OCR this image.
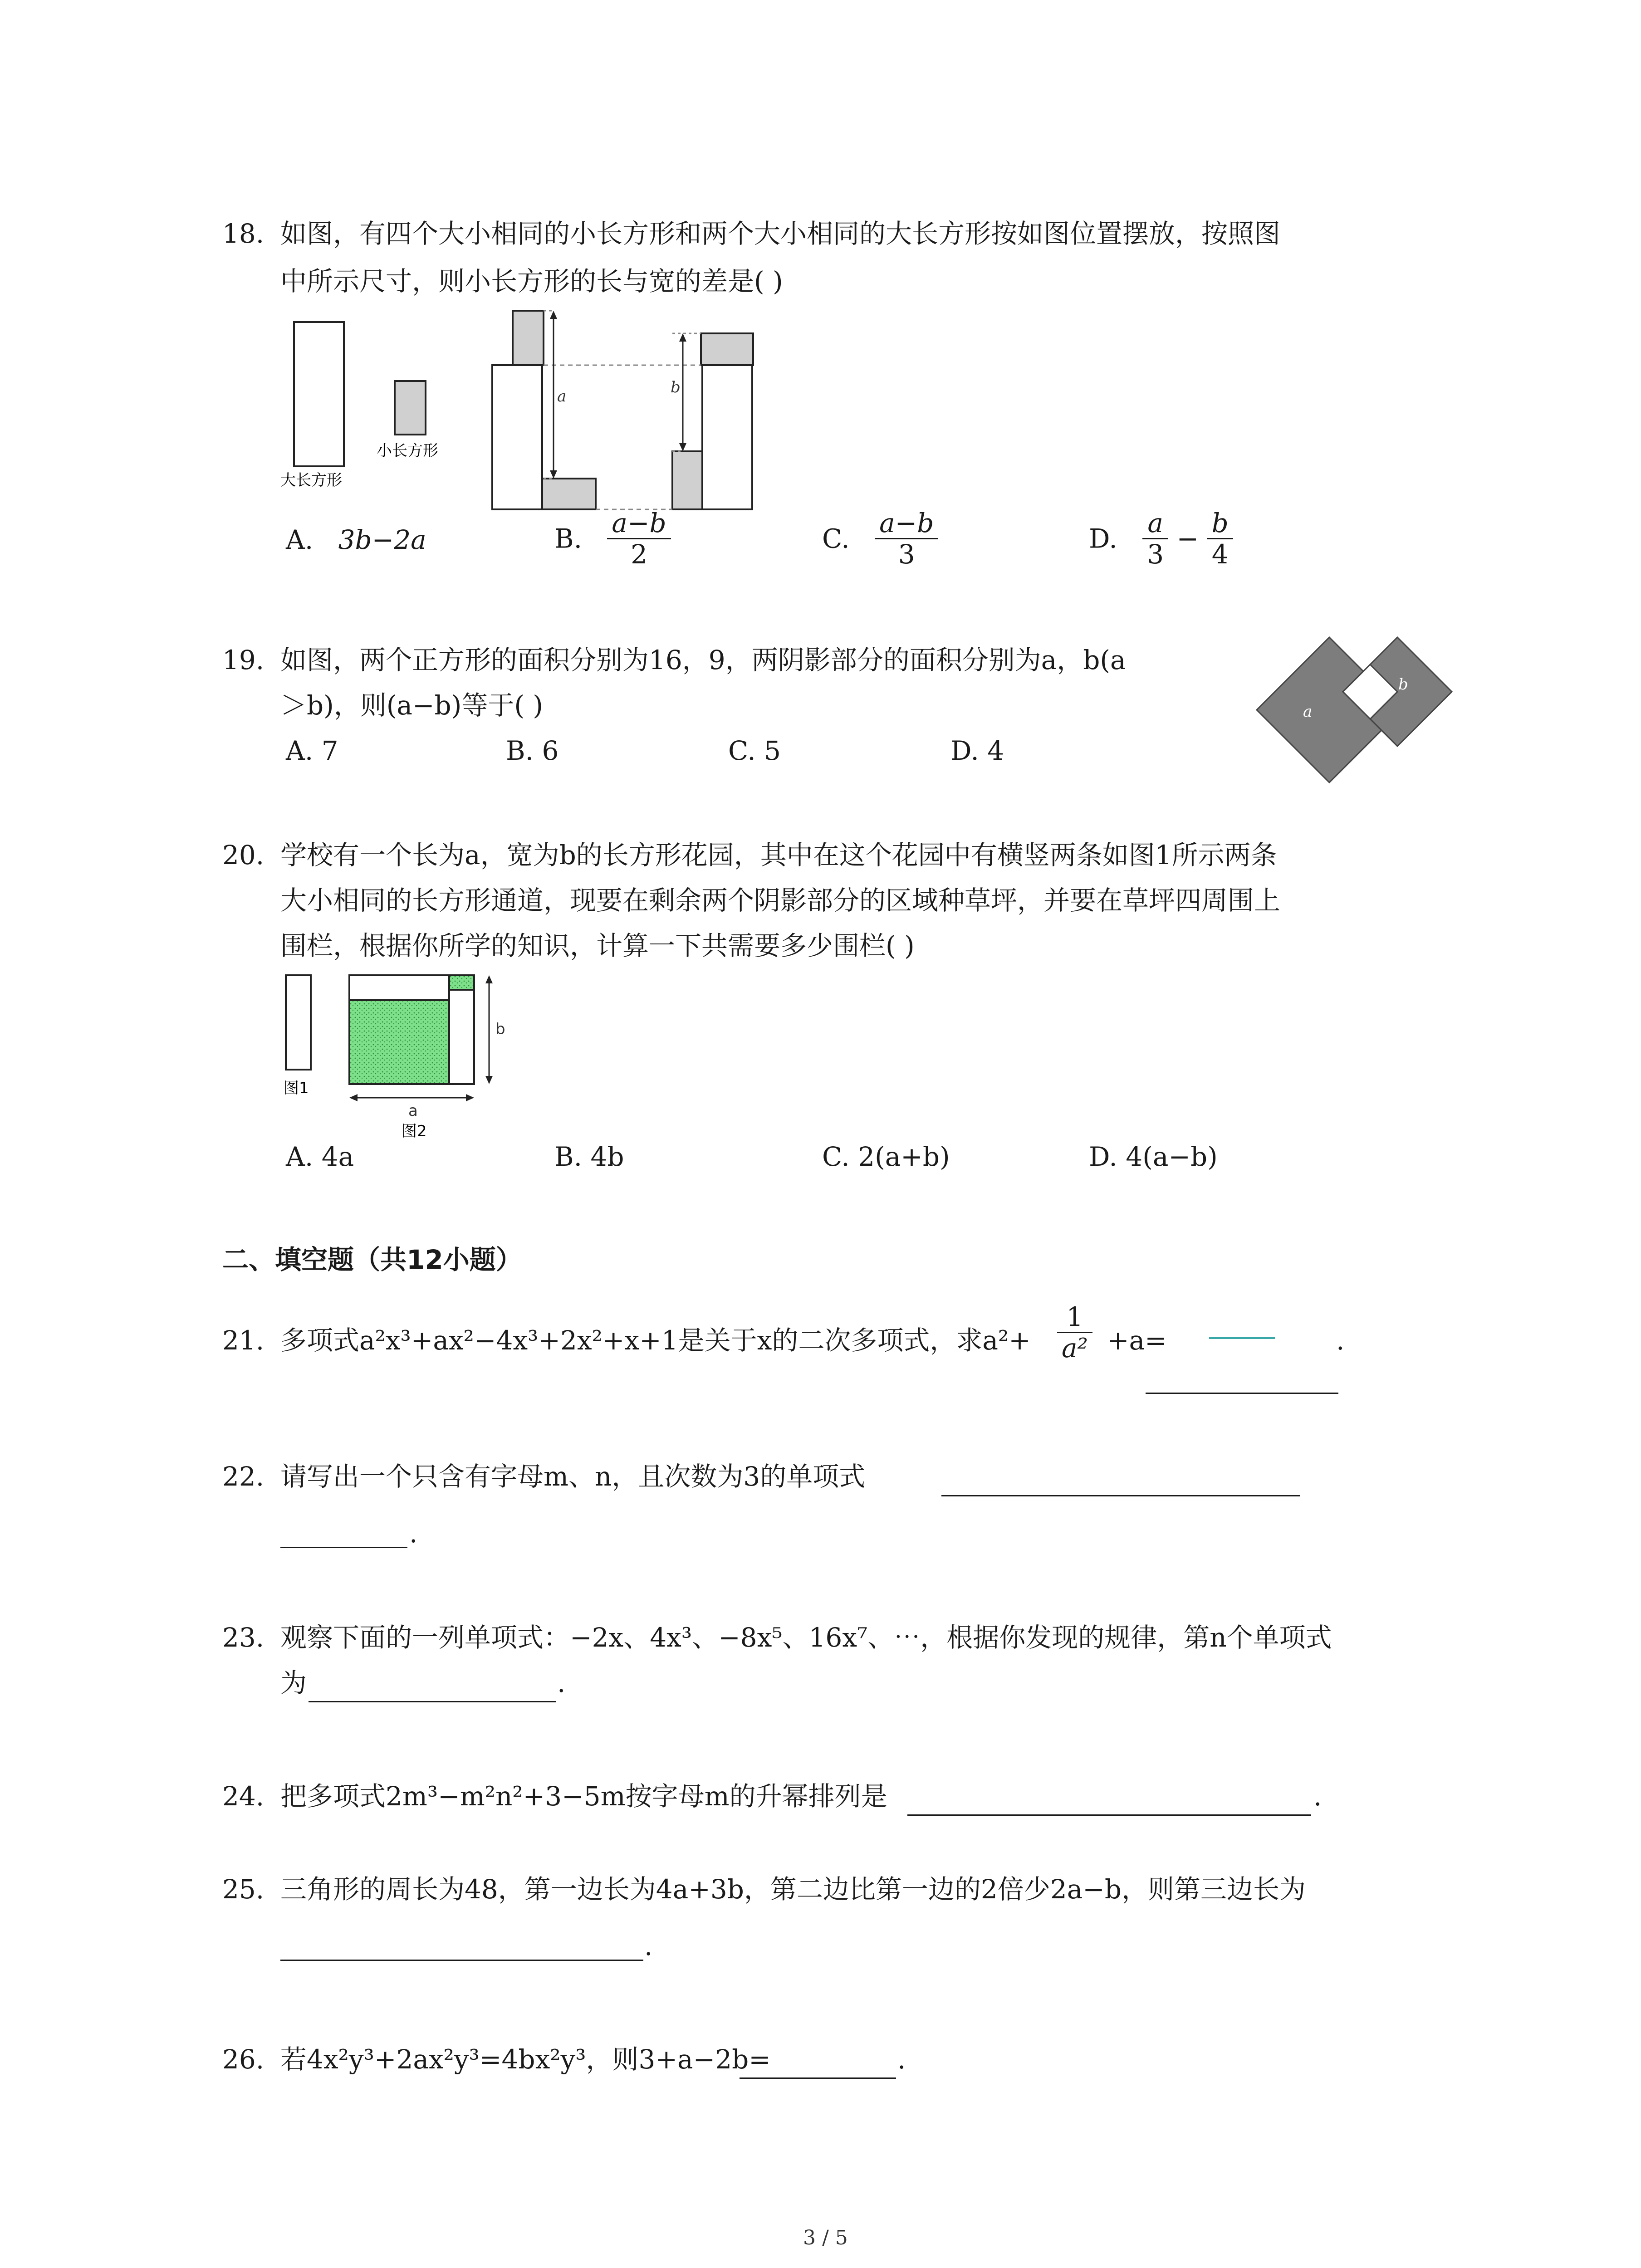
18. 如图，有四个大小相同的小长方形和两个大小相同的大长方形按如图位置摆放，按照图
中所示尺寸，则小长方形的长与宽的差是( )
大长方形
小长方形
a	b
A. 3b−2a	B. $\frac{a-b}{2}$	C. $\frac{a-b}{3}$	D. $\frac{a}{3} - \frac{b}{4}$
19. 如图，两个正方形的面积分别为16，9，两阴影部分的面积分别为a，b(a
＞b)，则(a−b)等于( )
A. 7	B. 6	C. 5	D. 4
a
b
20. 学校有一个长为a，宽为b的长方形花园，其中在这个花园中有横竖两条如图1所示两条
大小相同的长方形通道，现要在剩余两个阴影部分的区域种草坪，并要在草坪四周围上
围栏，根据你所学的知识，计算一下共需要多少围栏( )
图1
b
a
图2
A. 4a	B. 4b	C. 2(a+b)	D. 4(a−b)
二、填空题（共12小题）
21. 多项式a²x³+ax²−4x³+2x²+x+1是关于x的二次多项式，求$a^2+ \frac{1}{\text{a²}} +a=$	.
22. 请写出一个只含有字母m、n，且次数为3的单项式
.
23. 观察下面的一列单项式：−2x、4x³、−8x⁵、16x⁷、⋯，根据你发现的规律，第n个单项式
为	.
24. 把多项式2m³−m²n²+3−5m按字母m的升幂排列是	.
25. 三角形的周长为48，第一边长为4a+3b，第二边比第一边的2倍少2a−b，则第三边长为
.
26. 若4x²y³+2ax²y³=4bx²y³，则3+a−2b=	.
3 / 5
